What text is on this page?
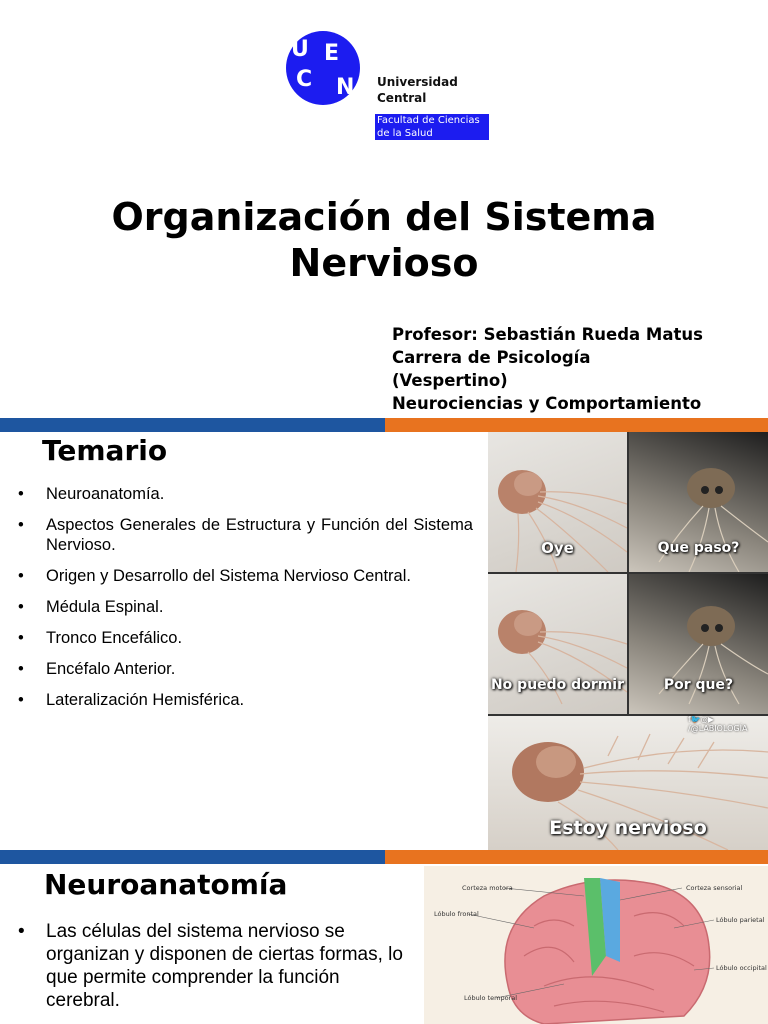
U
C
E
N Universidad
Central
Facultad de Ciencias
de la Salud
Organización del Sistema
Nervioso
Profesor: Sebastián Rueda Matus
Carrera de Psicología
(Vespertino)
Neurociencias y Comportamiento
Temario
• Neuroanatomía.
• Aspectos Generales de Estructura y Función del Sistema Nervioso.
• Origen y Desarrollo del Sistema Nervioso Central.
• Médula Espinal.
• Tronco Encefálico.
• Encéfalo Anterior.
• Lateralización Hemisférica.
Oye	Que paso?
No puedo dormir	Por que?
Estoy nervioso
f🐦◎▶ /@LABIOLOGÍA
Neuroanatomía
•	Las células del sistema nervioso se organizan y disponen de ciertas formas, lo que permite comprender la función cerebral.
Corteza motora	Corteza sensorial
Lóbulo frontal
Lóbulo parietal
Lóbulo occipital
Lóbulo temporal
